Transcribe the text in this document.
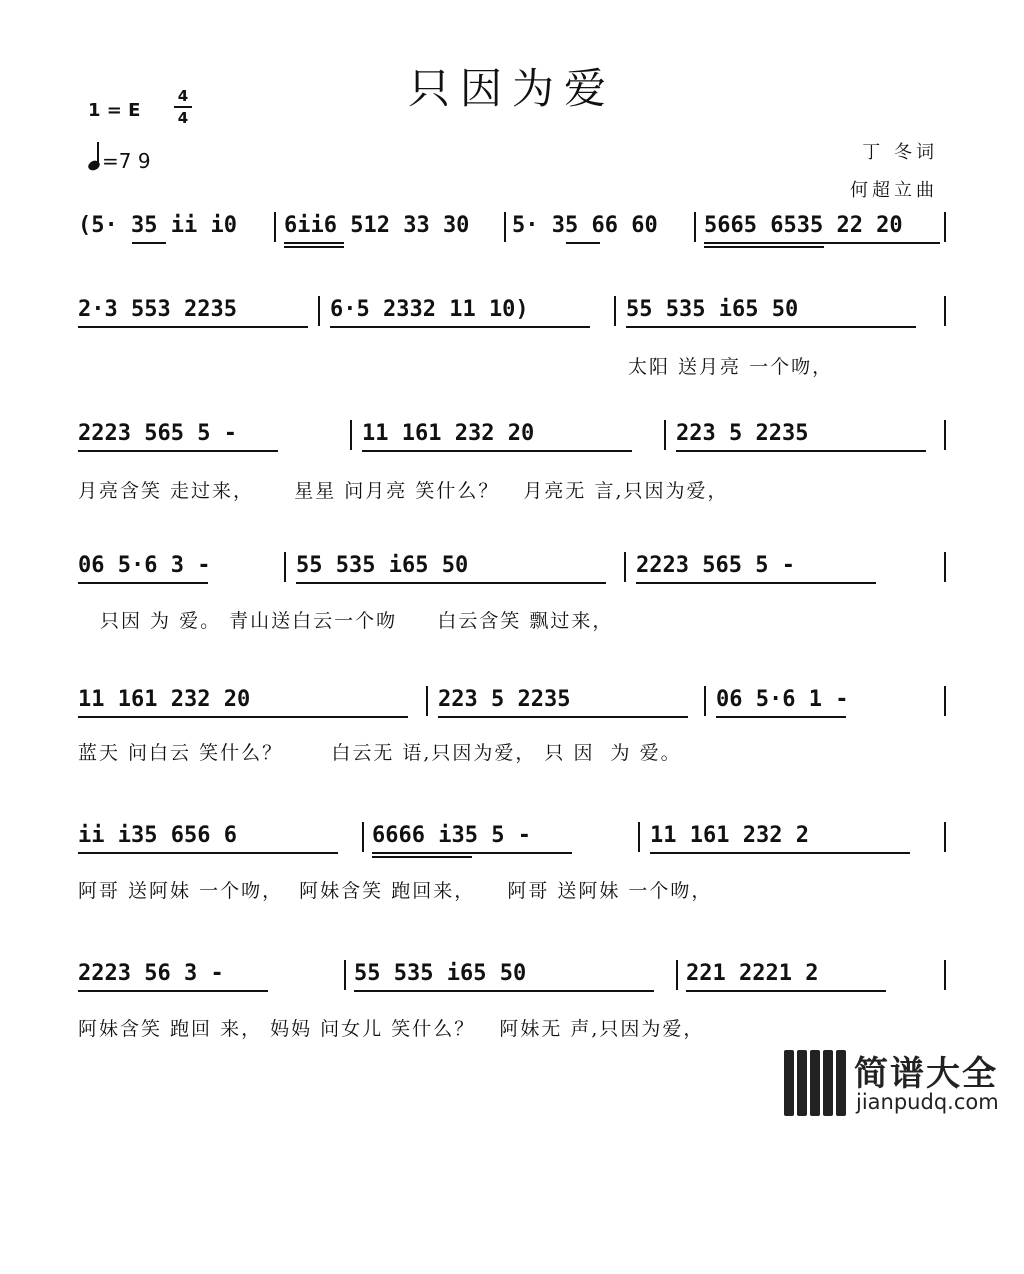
只因为爱
1 = E
4
4
=7 9	丁 冬词
何超立曲

(5· 35 ii i0

6ii6 512 33 30

5· 35 66 60

5665 6535 22 20

2·3 553 2235

	6·5 2332 11 10)

	55 535 i65 50

太阳 送月亮 一个吻，

2223 565 5 -

	11 161 232 20

	223 5 2235

月亮含笑 走过来，     星星 问月亮 笑什么？   月亮无 言,只因为爱，

06 5·6 3 -

	55 535 i65 50

	2223 565 5 -

只因 为 爱。 青山送白云一个吻     白云含笑 飘过来，

11 161 232 20

	223 5 2235

	06 5·6 1 -

蓝天 问白云 笑什么？      白云无 语,只因为爱， 只 因  为 爱。

ii i35 656 6

	6666 i35 5 -

	11 161 232 2

阿哥 送阿妹 一个吻，  阿妹含笑 跑回来，    阿哥 送阿妹 一个吻，

2223 56 3 -

	55 535 i65 50

	221 2221 2

阿妹含笑 跑回 来， 妈妈 问女儿 笑什么？   阿妹无 声,只因为爱，
简谱大全
jianpudq.com
